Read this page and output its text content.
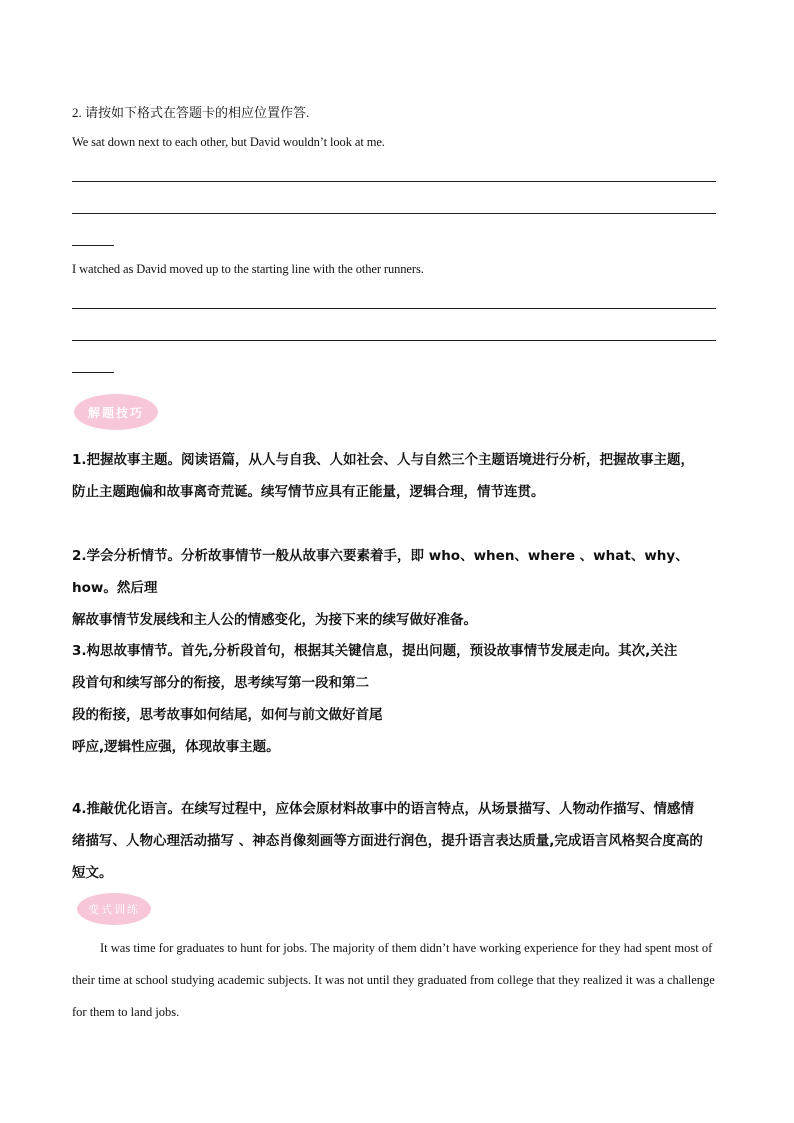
2. 请按如下格式在答题卡的相应位置作答.
We sat down next to each other, but David wouldn’t look at me.
I watched as David moved up to the starting line with the other runners.
解题技巧

1.把握故事主题。阅读语篇，从人与自我、人如社会、人与自然三个主题语境进行分析，把握故事主题，

防止主题跑偏和故事离奇荒诞。续写情节应具有正能量，逻辑合理，情节连贯。

2.学会分析情节。分析故事情节一般从故事六要素着手，即 who、when、where 、what、why、how。然后理

解故事情节发展线和主人公的情感变化，为接下来的续写做好准备。

3.构思故事情节。首先,分析段首句，根据其关键信息，提出问题，预设故事情节发展走向。其次,关注

段首句和续写部分的衔接，思考续写第一段和第二

段的衔接，思考故事如何结尾，如何与前文做好首尾

呼应,逻辑性应强，体现故事主题。

4.推敲优化语言。在续写过程中，应体会原材料故事中的语言特点，从场景描写、人物动作描写、情感情

绪描写、人物心理活动描写 、神态肖像刻画等方面进行润色，提升语言表达质量,完成语言风格契合度高的

短文。

变式训练
It was time for graduates to hunt for jobs. The majority of them didn’t have working experience for they had spent most of their time at school studying academic subjects. It was not until they graduated from college that they realized it was a challenge for them to land jobs.
